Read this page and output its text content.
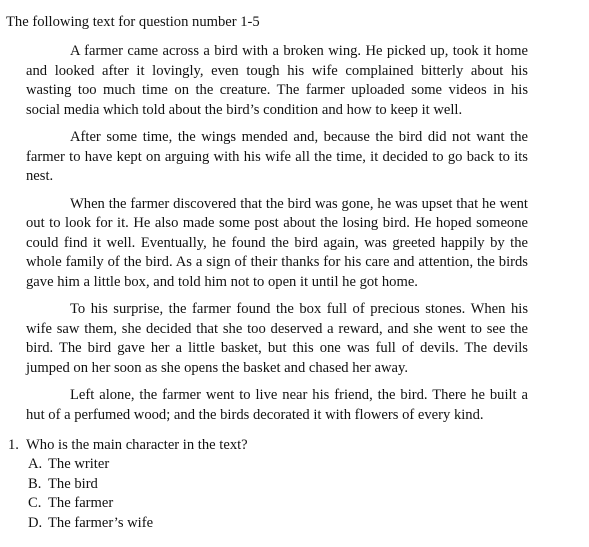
The following text for question number 1-5

A farmer came across a bird with a broken wing. He picked up, took it home and looked after it lovingly, even tough his wife complained bitterly about his wasting too much time on the creature. The farmer uploaded some videos in his social media which told about the bird’s condition and how to keep it well.

After some time, the wings mended and, because the bird did not want the farmer to have kept on arguing with his wife all the time, it decided to go back to its nest.

When the farmer discovered that the bird was gone, he was upset that he went out to look for it. He also made some post about the losing bird. He hoped someone could find it well. Eventually, he found the bird again, was greeted happily by the whole family of the bird. As a sign of their thanks for his care and attention, the birds gave him a little box, and told him not to open it until he got home.

To his surprise, the farmer found the box full of precious stones. When his wife saw them, she decided that she too deserved a reward, and she went to see the bird. The bird gave her a little basket, but this one was full of devils. The devils jumped on her soon as she opens the basket and chased her away.

Left alone, the farmer went to live near his friend, the bird. There he built a hut of a perfumed wood; and the birds decorated it with flowers of every kind.

1. Who is the main character in the text?
A. The writer
B. The bird
C. The farmer
D. The farmer’s wife
